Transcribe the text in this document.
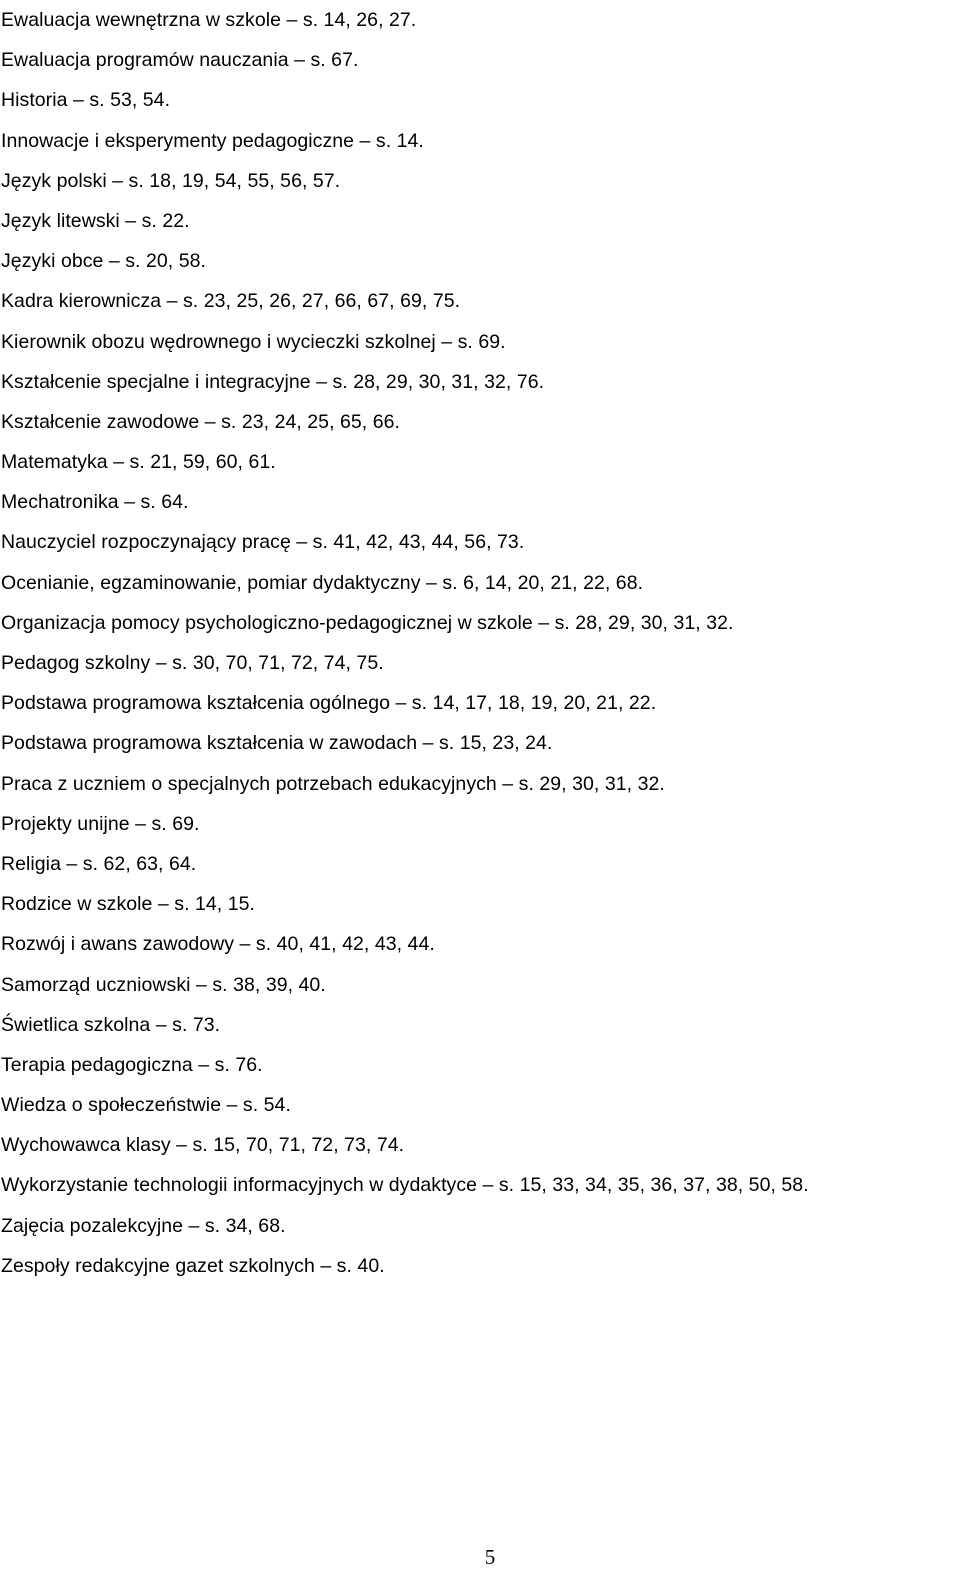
Ewaluacja wewnętrzna w szkole – s. 14, 26, 27.
Ewaluacja programów nauczania – s. 67.
Historia – s. 53, 54.
Innowacje i eksperymenty pedagogiczne – s. 14.
Język polski – s. 18, 19, 54, 55, 56, 57.
Język litewski – s. 22.
Języki obce – s. 20, 58.
Kadra kierownicza – s. 23, 25, 26, 27, 66, 67, 69, 75.
Kierownik obozu wędrownego i wycieczki szkolnej – s. 69.
Kształcenie specjalne i integracyjne – s. 28, 29, 30, 31, 32, 76.
Kształcenie zawodowe – s. 23, 24, 25, 65, 66.
Matematyka – s. 21, 59, 60, 61.
Mechatronika – s. 64.
Nauczyciel rozpoczynający pracę – s. 41, 42, 43, 44, 56, 73.
Ocenianie, egzaminowanie, pomiar dydaktyczny – s. 6, 14, 20, 21, 22, 68.
Organizacja pomocy psychologiczno-pedagogicznej w szkole – s. 28, 29, 30, 31, 32.
Pedagog szkolny – s. 30, 70, 71, 72, 74, 75.
Podstawa programowa kształcenia ogólnego – s. 14, 17, 18, 19, 20, 21, 22.
Podstawa programowa kształcenia w zawodach – s. 15, 23, 24.
Praca z uczniem o specjalnych potrzebach edukacyjnych – s. 29, 30, 31, 32.
Projekty unijne – s. 69.
Religia – s. 62, 63, 64.
Rodzice w szkole – s. 14, 15.
Rozwój i awans zawodowy – s. 40, 41, 42, 43, 44.
Samorząd uczniowski – s. 38, 39, 40.
Świetlica szkolna – s. 73.
Terapia pedagogiczna – s. 76.
Wiedza o społeczeństwie – s. 54.
Wychowawca klasy – s. 15, 70, 71, 72, 73, 74.
Wykorzystanie technologii informacyjnych w dydaktyce – s. 15, 33, 34, 35, 36, 37, 38, 50, 58.
Zajęcia pozalekcyjne – s. 34, 68.
Zespoły redakcyjne gazet szkolnych – s. 40.
5
